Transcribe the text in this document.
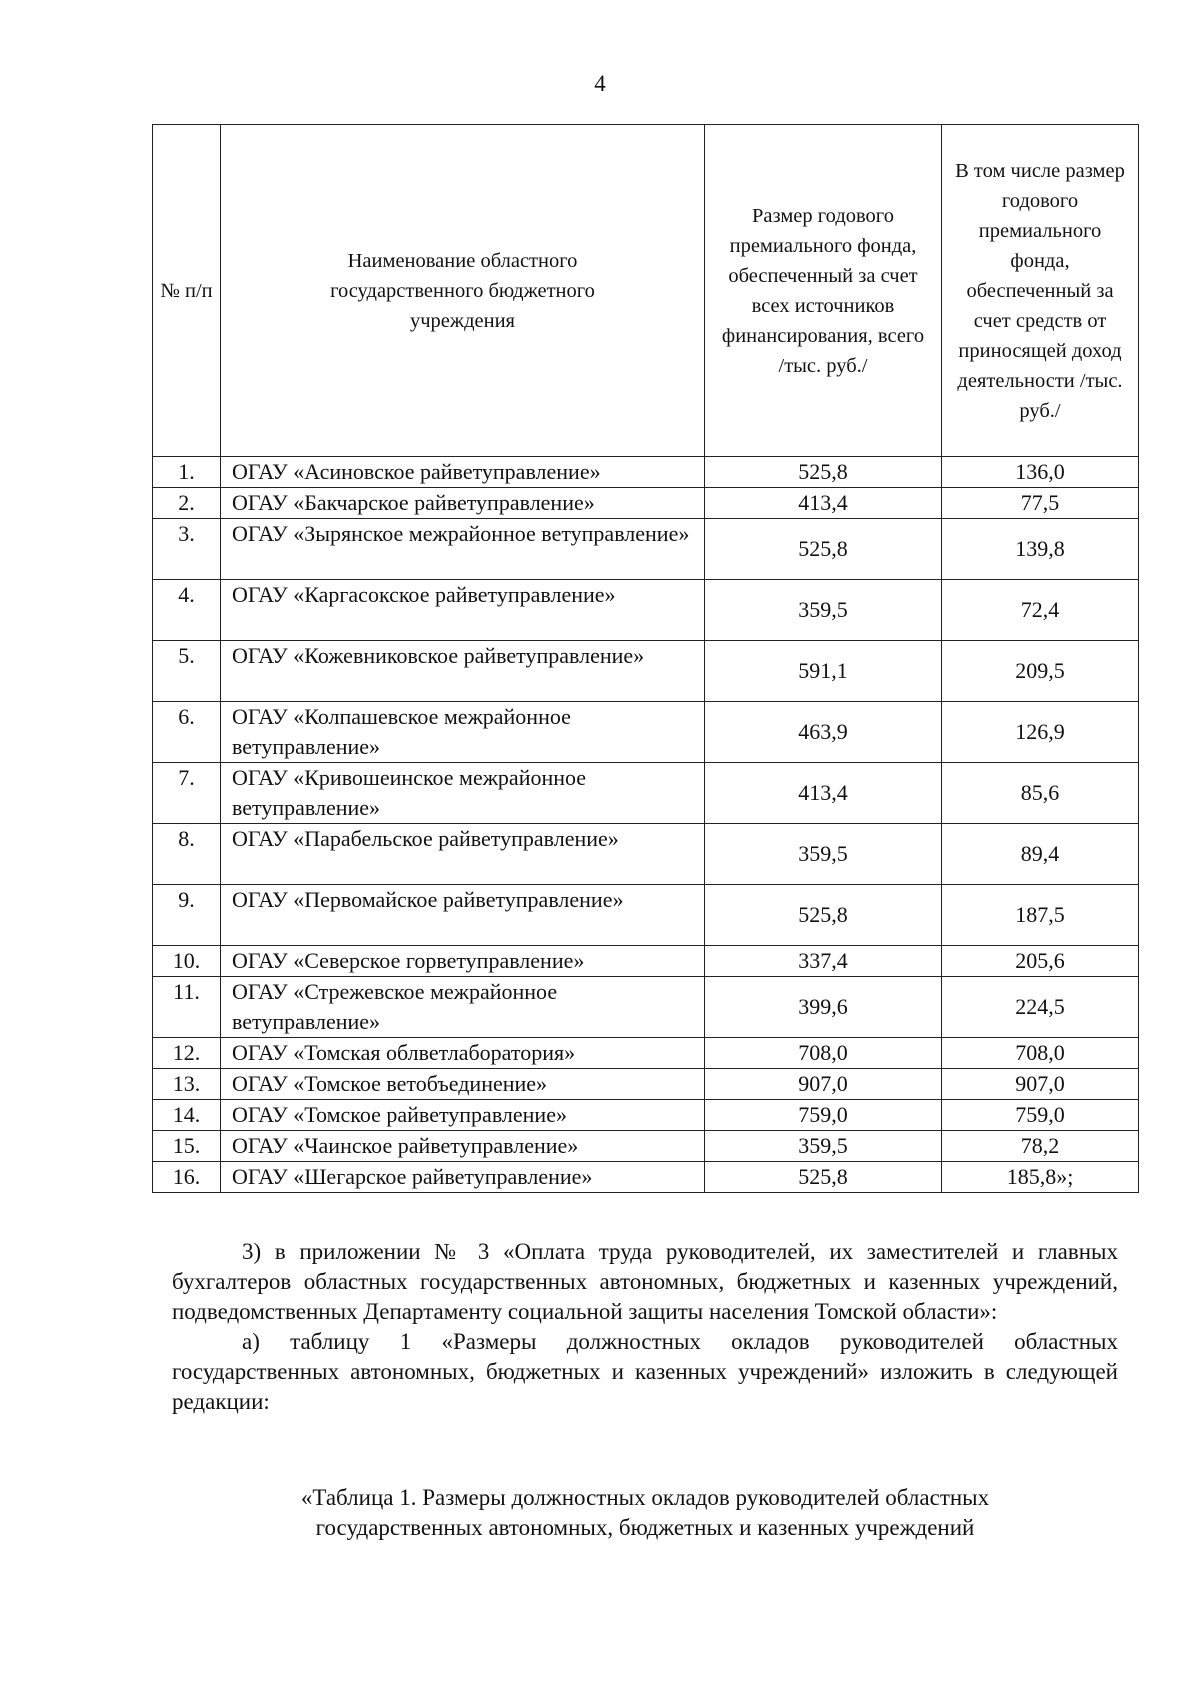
4
№ п/п	Наименование областного государственного бюджетного учреждения	Размер годового премиального фонда, обеспеченный за счет всех источников финансирования, всего /тыс. руб./	В том числе размер годового премиального фонда, обеспеченный за счет средств от приносящей доход деятельности /тыс. руб./
1.	ОГАУ «Асиновское райветуправление»	525,8	136,0
2.	ОГАУ «Бакчарское райветуправление»	413,4	77,5
3.	ОГАУ «Зырянское межрайонное ветуправление»	525,8	139,8
4.	ОГАУ «Каргасокское райветуправление»	359,5	72,4
5.	ОГАУ «Кожевниковское райветуправление»	591,1	209,5
6.	ОГАУ «Колпашевское межрайонное ветуправление»	463,9	126,9
7.	ОГАУ «Кривошеинское межрайонное ветуправление»	413,4	85,6
8.	ОГАУ «Парабельское райветуправление»	359,5	89,4
9.	ОГАУ «Первомайское райветуправление»	525,8	187,5
10.	ОГАУ «Северское горветуправление»	337,4	205,6
11.	ОГАУ «Стрежевское межрайонное ветуправление»	399,6	224,5
12.	ОГАУ «Томская облветлаборатория»	708,0	708,0
13.	ОГАУ «Томское ветобъединение»	907,0	907,0
14.	ОГАУ «Томское райветуправление»	759,0	759,0
15.	ОГАУ «Чаинское райветуправление»	359,5	78,2
16.	ОГАУ «Шегарское райветуправление»	525,8	185,8»;

3) в приложении № 3 «Оплата труда руководителей, их заместителей и главных бухгалтеров областных государственных автономных, бюджетных и казенных учреждений, подведомственных Департаменту социальной защиты населения Томской области»:

а) таблицу 1 «Размеры должностных окладов руководителей областных государственных автономных, бюджетных и казенных учреждений» изложить в следующей редакции:

«Таблица 1. Размеры должностных окладов руководителей областных
государственных автономных, бюджетных и казенных учреждений
